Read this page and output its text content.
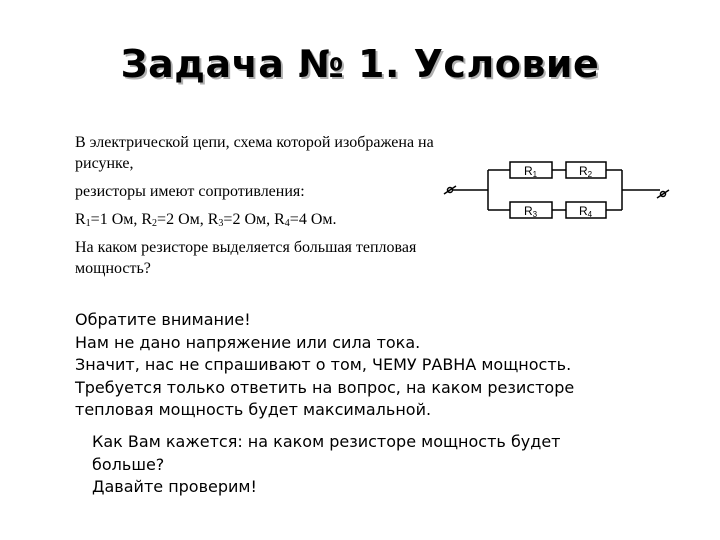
Задача № 1. Условие

В электрической цепи, схема которой изображена на рисунке,

резисторы имеют сопротивления:

$R_1=1$ Ом, $R_2=2$ Ом, $R_3=2$ Ом, $R_4=4$ Ом.

На каком резисторе выделяется большая тепловая мощность?

R1	R2
R3	R4
Обратите внимание!
Нам не дано напряжение или сила тока.
Значит, нас не спрашивают о том, ЧЕМУ РАВНА мощность.
Требуется только ответить на вопрос, на каком резисторе
тепловая мощность будет максимальной.
Как Вам кажется: на каком резисторе мощность будет
больше?
Давайте проверим!
